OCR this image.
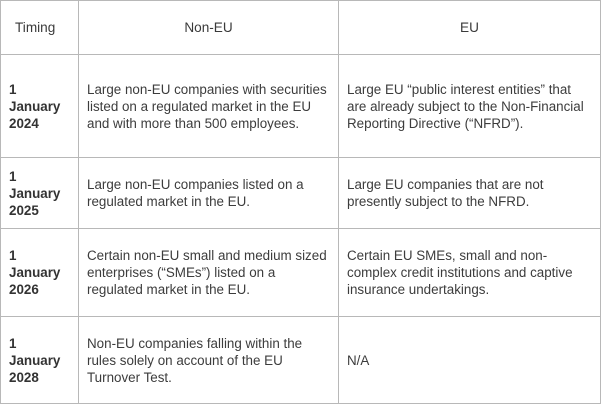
Timing	Non-EU	EU
1 January 2024	Large non-EU companies with securities listed on a regulated market in the EU and with more than 500 employees.	Large EU “public interest entities” that are already subject to the Non-Financial Reporting Directive (“NFRD”).
1 January 2025	Large non-EU companies listed on a regulated market in the EU.	Large EU companies that are not presently subject to the NFRD.
1 January 2026	Certain non-EU small and medium sized enterprises (“SMEs”) listed on a regulated market in the EU.	Certain EU SMEs, small and non-complex credit institutions and captive insurance undertakings.
1 January 2028	Non-EU companies falling within the rules solely on account of the EU Turnover Test.	N/A
